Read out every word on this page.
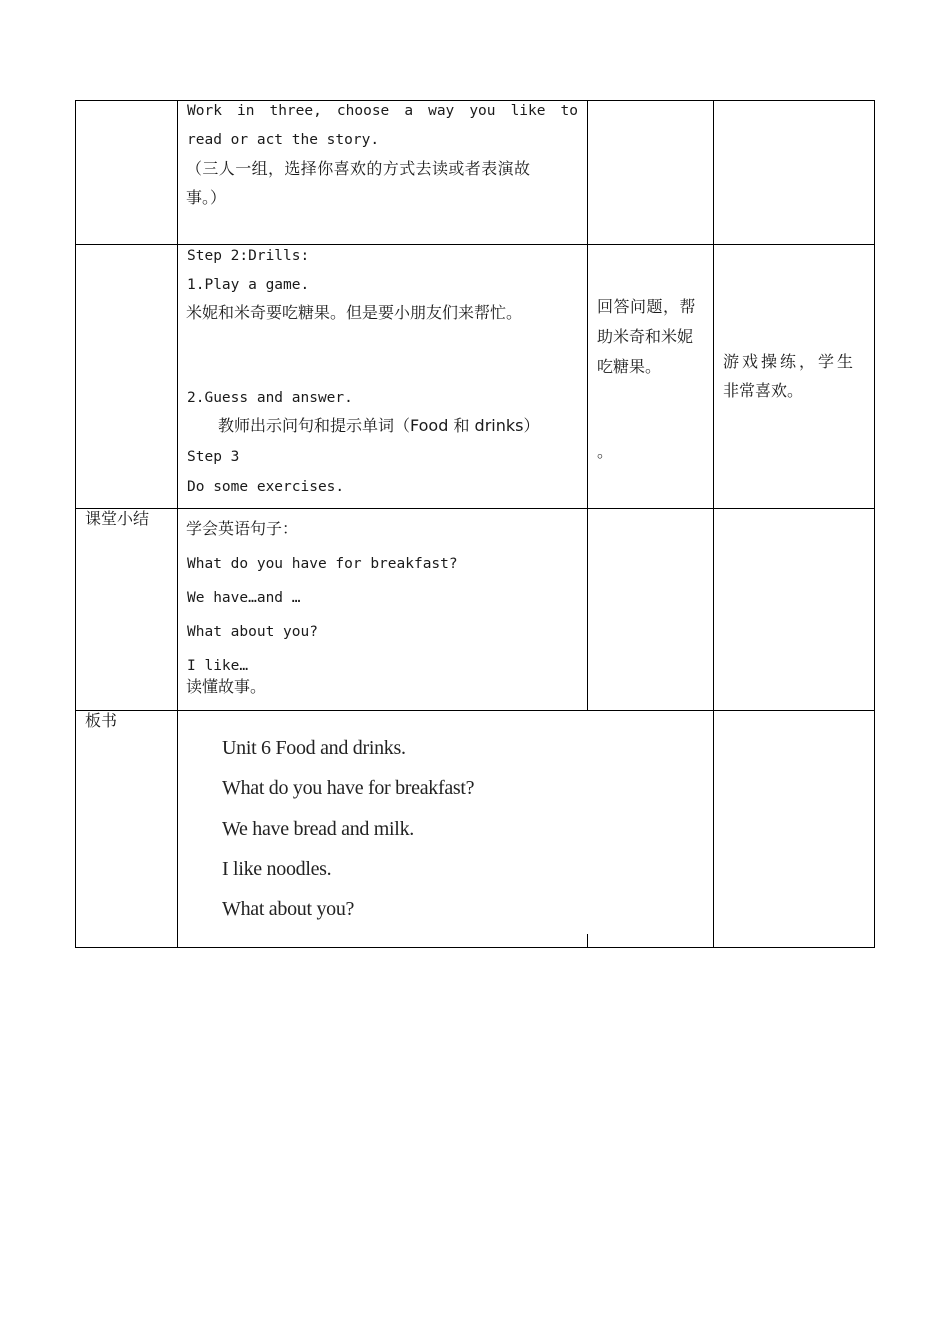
Work in three, choose a way you like to
read or act the story.
（三人一组，选择你喜欢的方式去读或者表演故
事。）
Step 2:Drills:
1.Play a game.
米妮和米奇要吃糖果。但是要小朋友们来帮忙。
2.Guess and answer.
教师出示问句和提示单词（Food 和 drinks）
Step 3
Do some exercises.
回答问题，帮
助米奇和米妮
吃糖果。
。
游戏操练，学生
非常喜欢。
课堂小结
学会英语句子：
What do you have for breakfast?
We have…and …
What about you?
I like…
读懂故事。
板书
Unit 6 Food and drinks.
What do you have for breakfast?
We have bread and milk.
I like noodles.
What about you?
